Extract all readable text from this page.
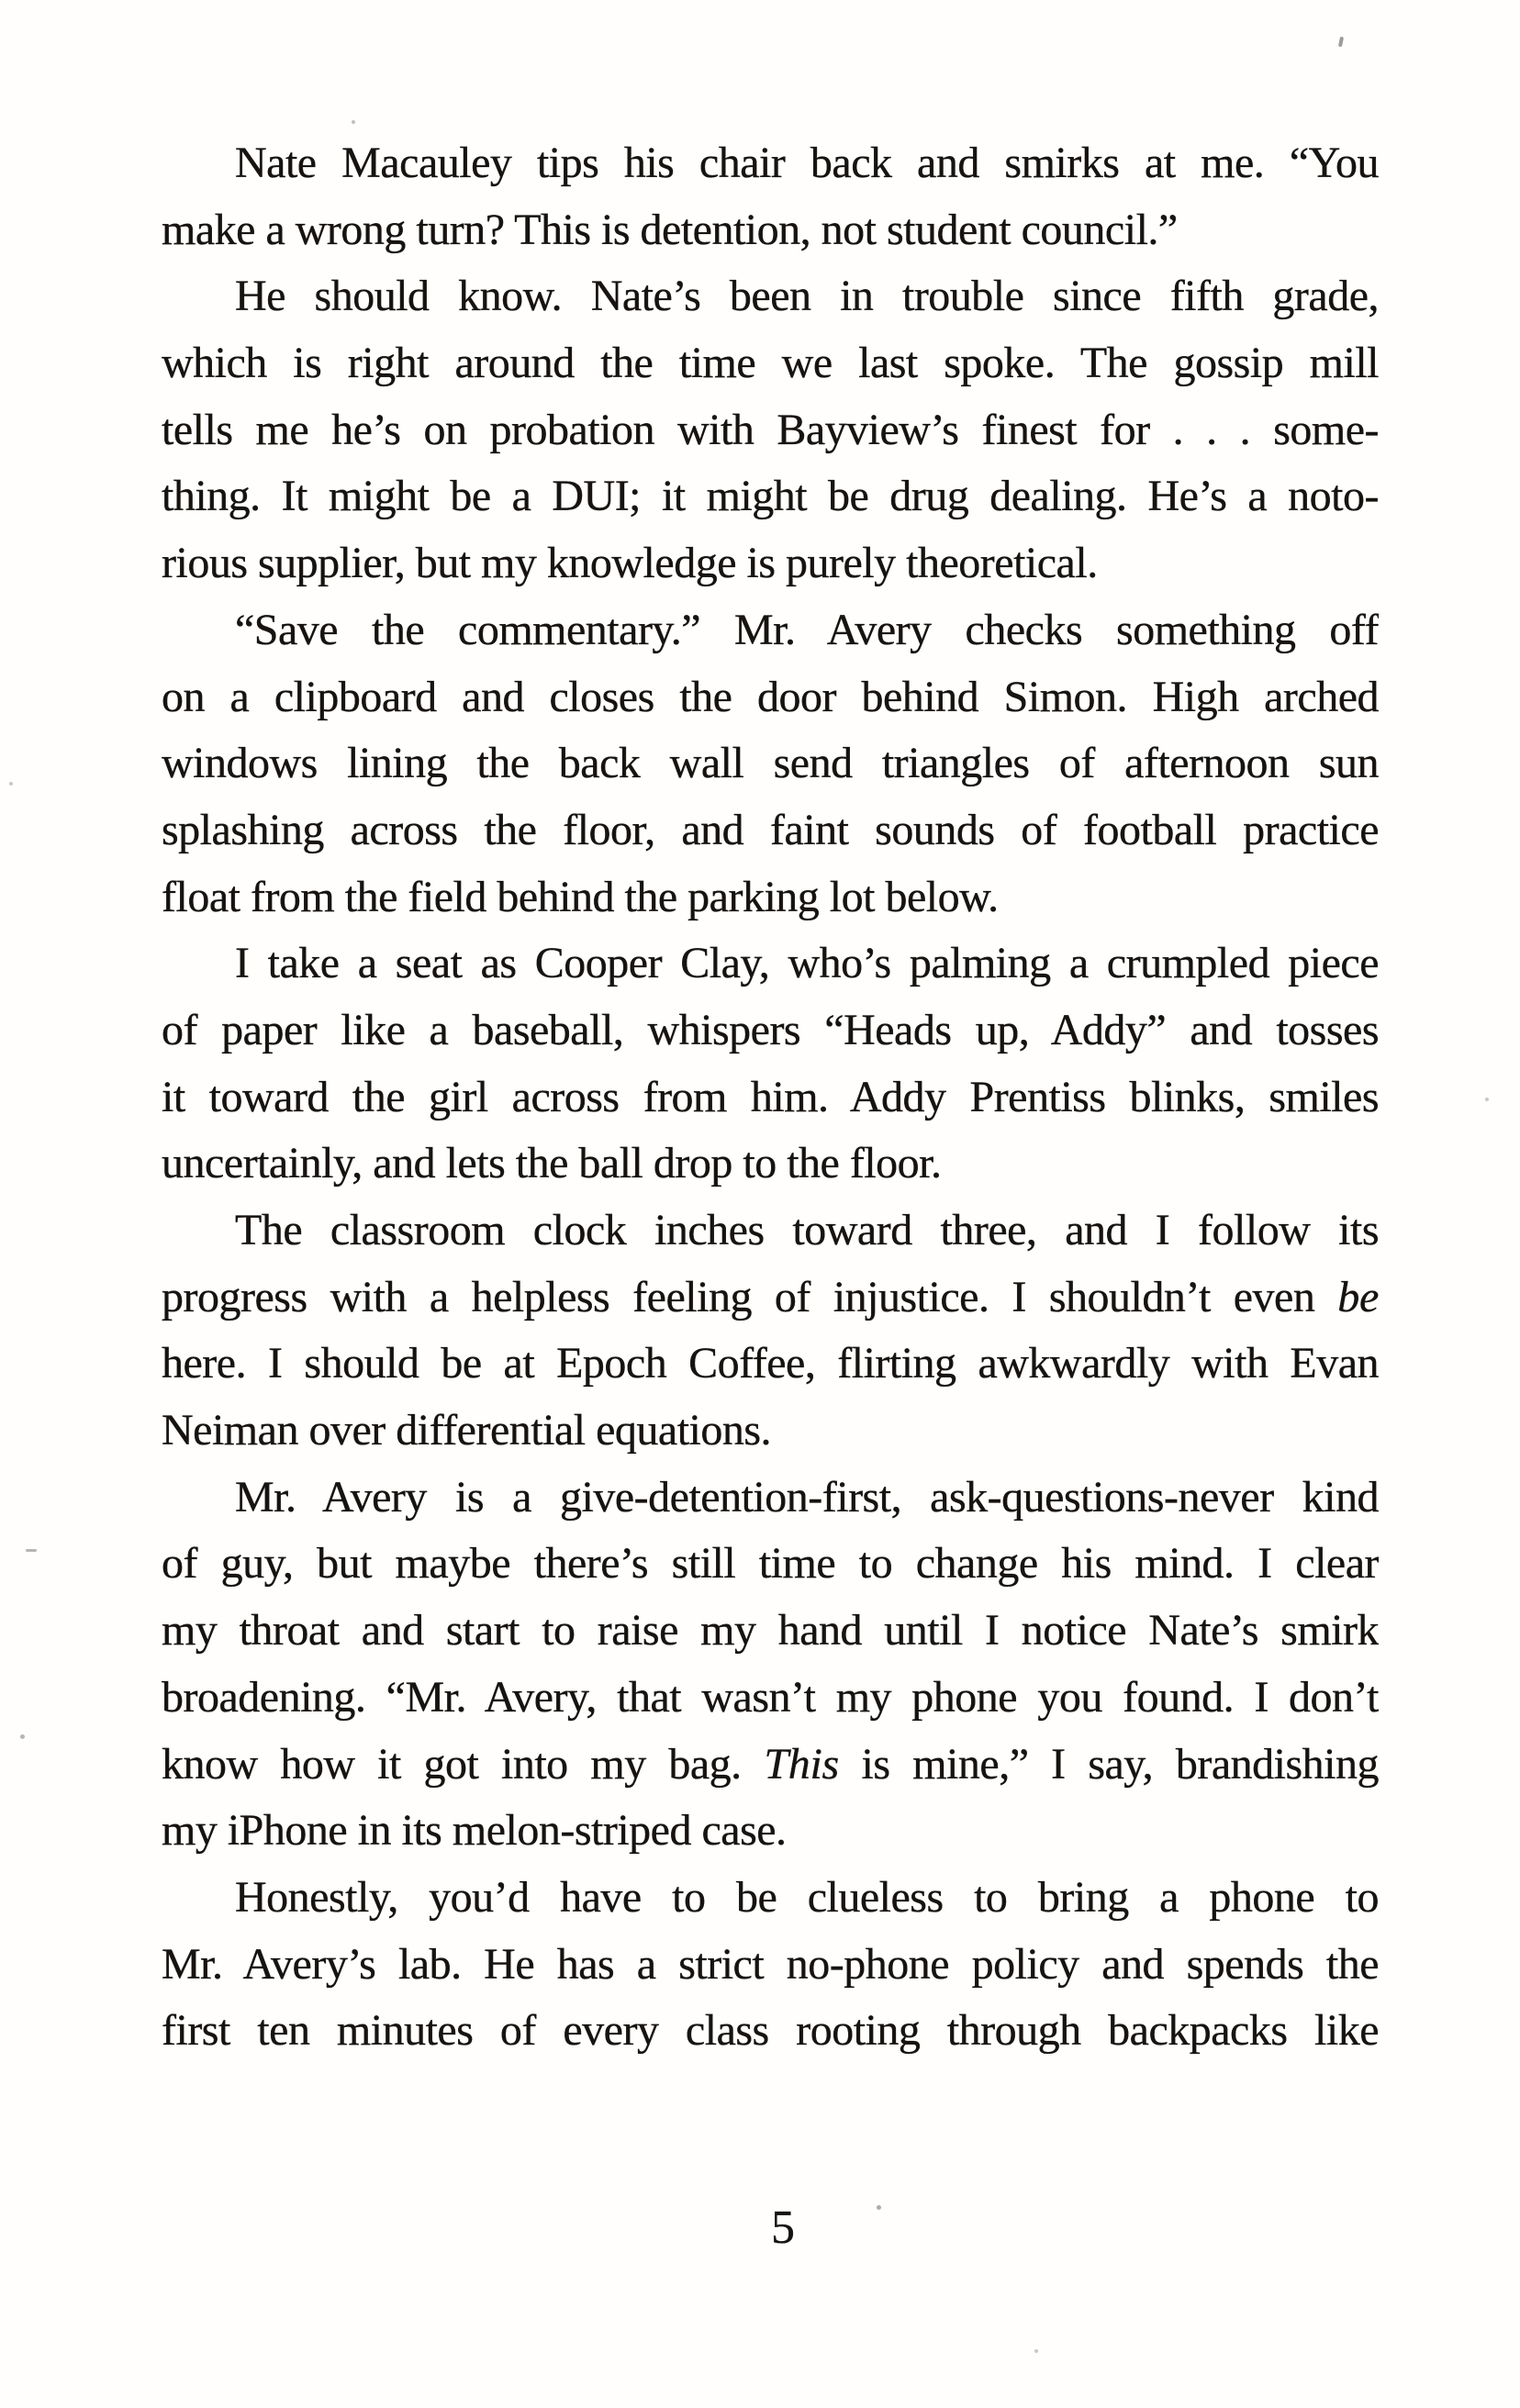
Nate Macauley tips his chair back and smirks at me. “You
make a wrong turn? This is detention, not student council.”
He should know. Nate’s been in trouble since fifth grade,
which is right around the time we last spoke. The gossip mill
tells me he’s on probation with Bayview’s finest for . . . some-
thing. It might be a DUI; it might be drug dealing. He’s a noto-
rious supplier, but my knowledge is purely theoretical.
“Save the commentary.” Mr. Avery checks something off
on a clipboard and closes the door behind Simon. High arched
windows lining the back wall send triangles of afternoon sun
splashing across the floor, and faint sounds of football practice
float from the field behind the parking lot below.
I take a seat as Cooper Clay, who’s palming a crumpled piece
of paper like a baseball, whispers “Heads up, Addy” and tosses
it toward the girl across from him. Addy Prentiss blinks, smiles
uncertainly, and lets the ball drop to the floor.
The classroom clock inches toward three, and I follow its
progress with a helpless feeling of injustice. I shouldn’t even be
here. I should be at Epoch Coffee, flirting awkwardly with Evan
Neiman over differential equations.
Mr. Avery is a give-detention-first, ask-questions-never kind
of guy, but maybe there’s still time to change his mind. I clear
my throat and start to raise my hand until I notice Nate’s smirk
broadening. “Mr. Avery, that wasn’t my phone you found. I don’t
know how it got into my bag. This is mine,” I say, brandishing
my iPhone in its melon-striped case.
Honestly, you’d have to be clueless to bring a phone to
Mr. Avery’s lab. He has a strict no-phone policy and spends the
first ten minutes of every class rooting through backpacks like
5
